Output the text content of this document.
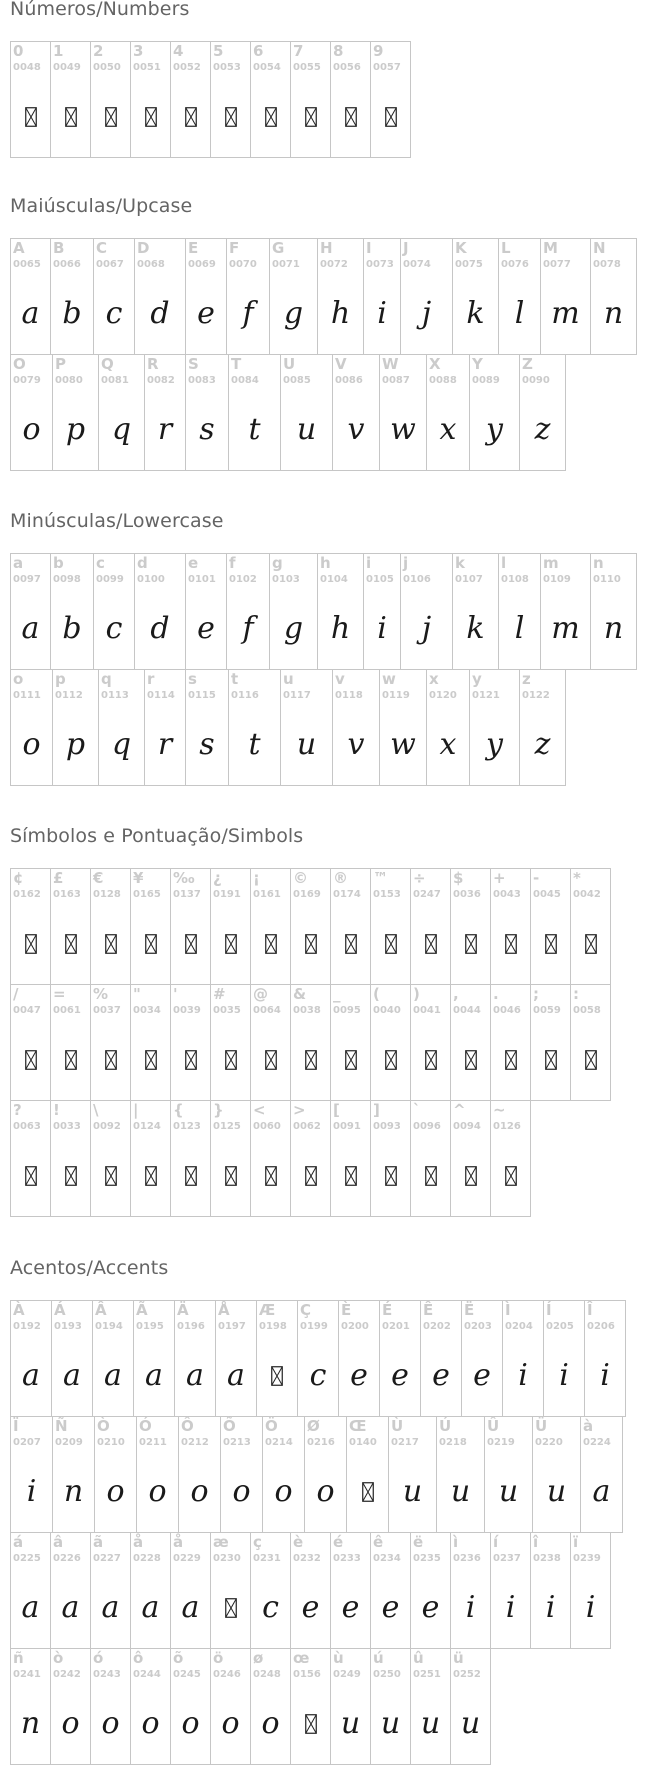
Números/Numbers
Maiúsculas/Upcase
Minúsculas/Lowercase
Símbolos e Pontuação/Simbols
Acentos/Accents
0
0048
1
0049
2
0050
3
0051
4
0052
5
0053
6
0054
7
0055
8
0056
9
0057
A
0065
a
B
0066
b
C
0067
c
D
0068
d
E
0069
e
F
0070
f
G
0071
g
H
0072
h
I
0073
i
J
0074
j
K
0075
k
L
0076
l
M
0077
m
N
0078
n
O
0079
o
P
0080
p
Q
0081
q
R
0082
r
S
0083
s
T
0084
t
U
0085
u
V
0086
v
W
0087
w
X
0088
x
Y
0089
y
Z
0090
z
a
0097
a
b
0098
b
c
0099
c
d
0100
d
e
0101
e
f
0102
f
g
0103
g
h
0104
h
i
0105
i
j
0106
j
k
0107
k
l
0108
l
m
0109
m
n
0110
n
o
0111
o
p
0112
p
q
0113
q
r
0114
r
s
0115
s
t
0116
t
u
0117
u
v
0118
v
w
0119
w
x
0120
x
y
0121
y
z
0122
z
¢
0162
£
0163
€
0128
¥
0165
‰
0137
¿
0191
¡
0161
©
0169
®
0174
™
0153
÷
0247
$
0036
+
0043
-
0045
*
0042
/
0047
=
0061
%
0037
"
0034
'
0039
#
0035
@
0064
&
0038
_
0095
(
0040
)
0041
,
0044
.
0046
;
0059
:
0058
?
0063
!
0033
\
0092
|
0124
{
0123
}
0125
<
0060
>
0062
[
0091
]
0093
`
0096
^
0094
~
0126
À
0192
a
Á
0193
a
Â
0194
a
Ã
0195
a
Ä
0196
a
Å
0197
a
Æ
0198
Ç
0199
c
È
0200
e
É
0201
e
Ê
0202
e
Ë
0203
e
Ì
0204
i
Í
0205
i
Î
0206
i
Ï
0207
i
Ñ
0209
n
Ò
0210
o
Ó
0211
o
Ô
0212
o
Õ
0213
o
Ö
0214
o
Ø
0216
o
Œ
0140
Ù
0217
u
Ú
0218
u
Û
0219
u
Ü
0220
u
à
0224
a
á
0225
a
â
0226
a
ã
0227
a
å
0228
a
å
0229
a
æ
0230
ç
0231
c
è
0232
e
é
0233
e
ê
0234
e
ë
0235
e
ì
0236
i
í
0237
i
î
0238
i
ï
0239
i
ñ
0241
n
ò
0242
o
ó
0243
o
ô
0244
o
õ
0245
o
ö
0246
o
ø
0248
o
œ
0156
ù
0249
u
ú
0250
u
û
0251
u
ü
0252
u
